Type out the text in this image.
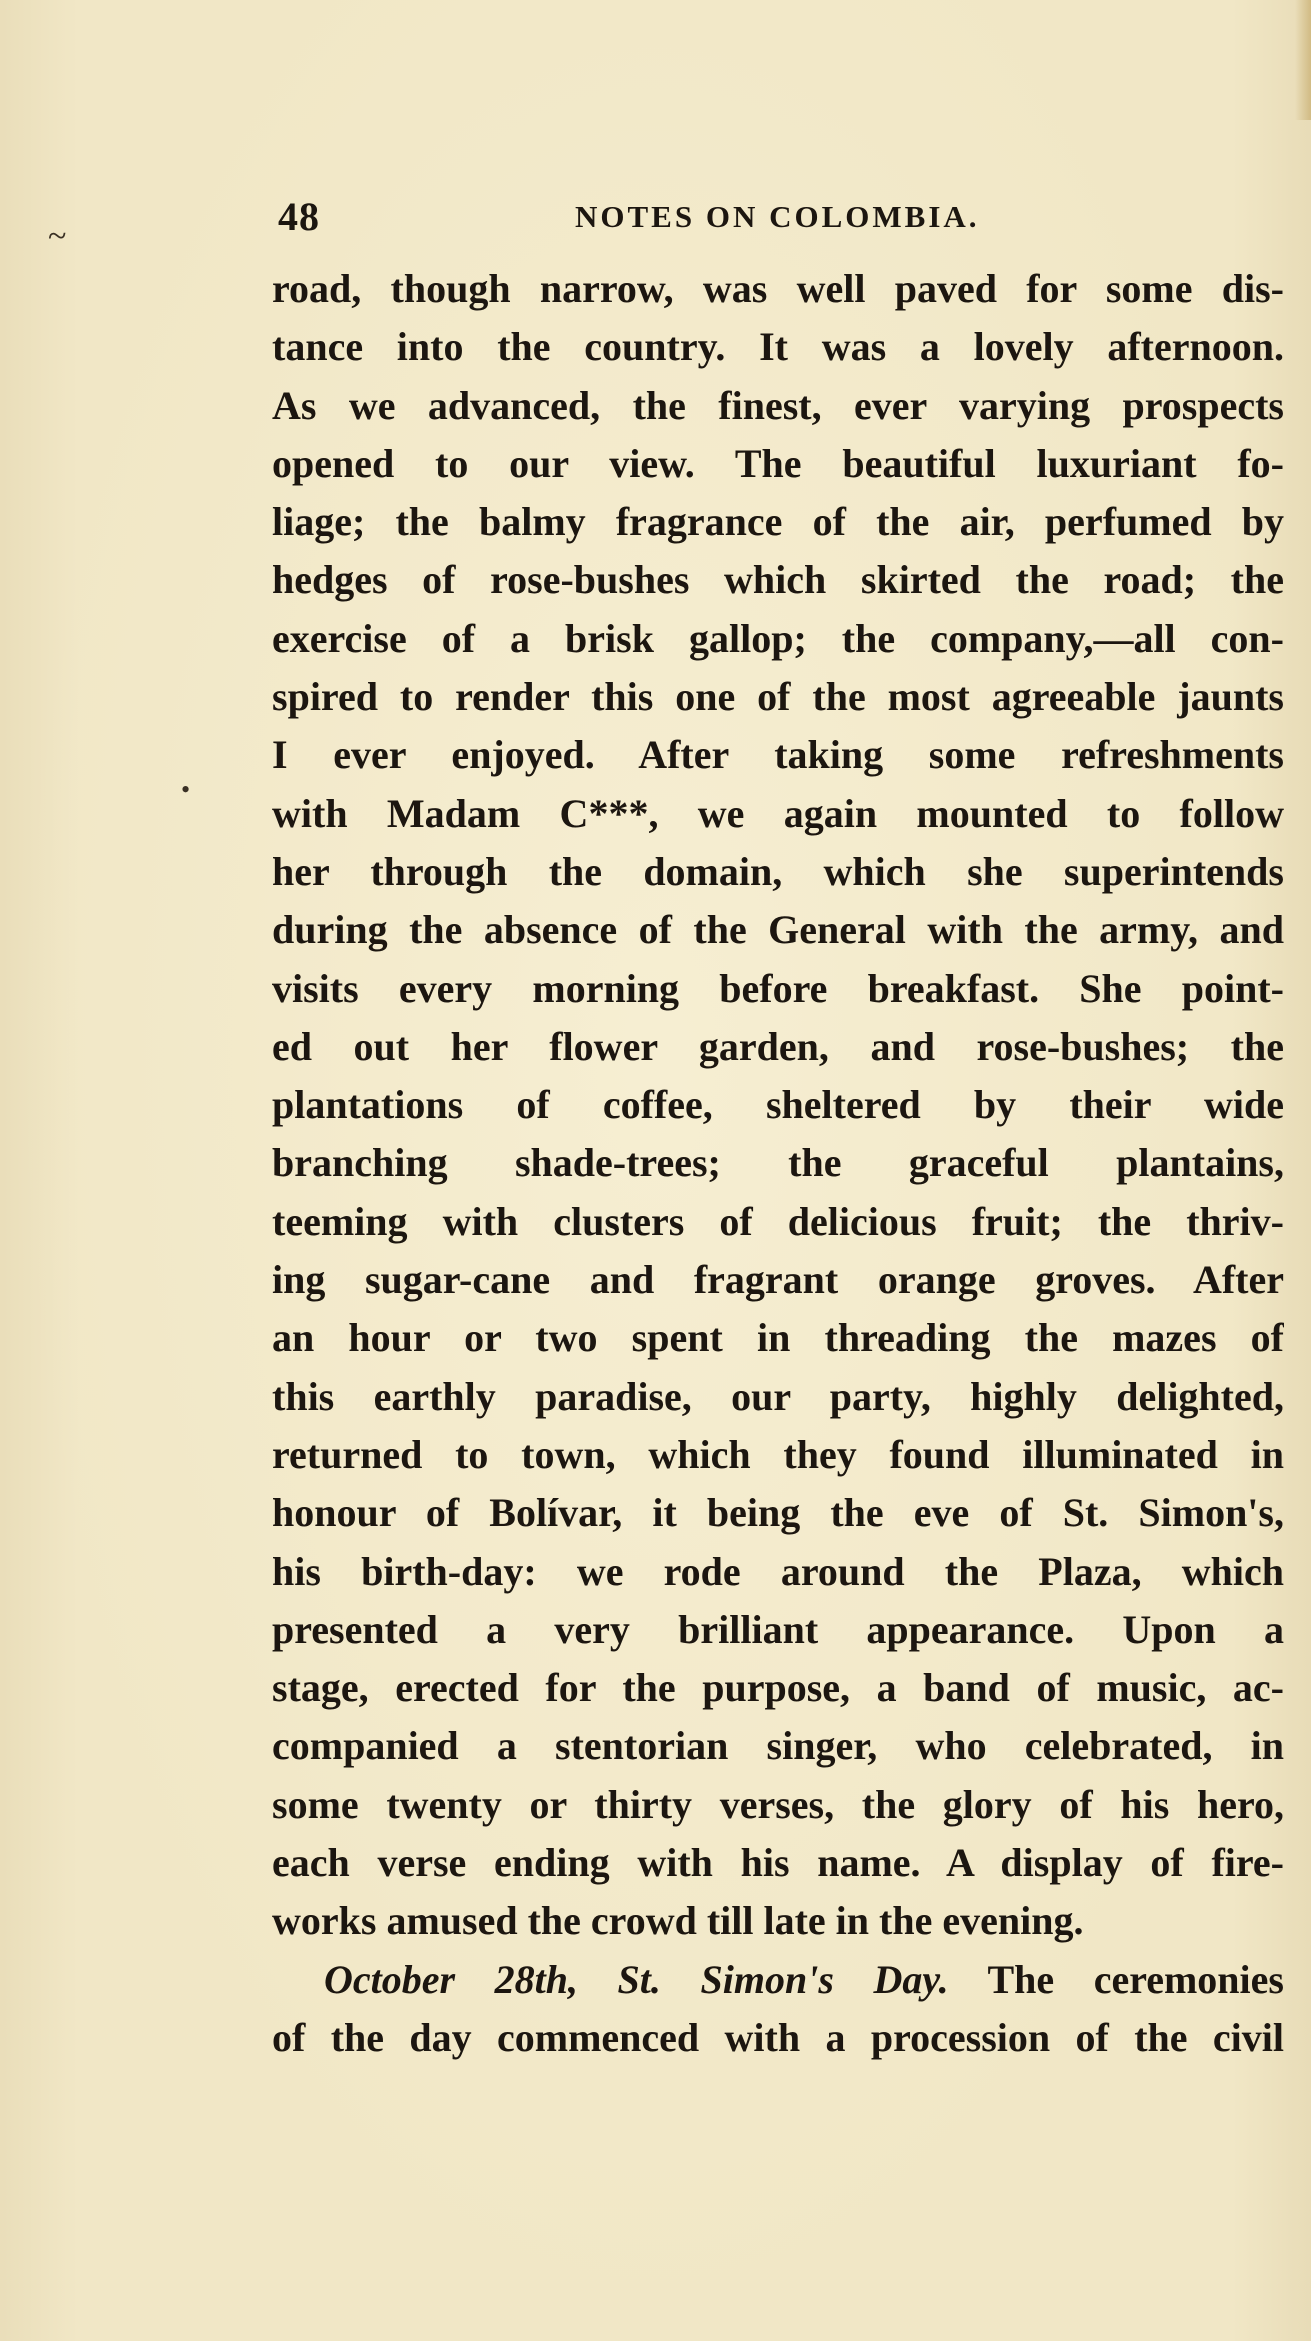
~
•
48	NOTES ON COLOMBIA.
road, though narrow, was well paved for some dis-
tance into the country. It was a lovely afternoon.
As we advanced, the finest, ever varying prospects
opened to our view. The beautiful luxuriant fo-
liage; the balmy fragrance of the air, perfumed by
hedges of rose-bushes which skirted the road; the
exercise of a brisk gallop; the company,—all con-
spired to render this one of the most agreeable jaunts
I ever enjoyed. After taking some refreshments
with Madam C***, we again mounted to follow
her through the domain, which she superintends
during the absence of the General with the army, and
visits every morning before breakfast. She point-
ed out her flower garden, and rose-bushes; the
plantations of coffee, sheltered by their wide
branching shade-trees; the graceful plantains,
teeming with clusters of delicious fruit; the thriv-
ing sugar-cane and fragrant orange groves. After
an hour or two spent in threading the mazes of
this earthly paradise, our party, highly delighted,
returned to town, which they found illuminated in
honour of Bolívar, it being the eve of St. Simon's,
his birth-day: we rode around the Plaza, which
presented a very brilliant appearance. Upon a
stage, erected for the purpose, a band of music, ac-
companied a stentorian singer, who celebrated, in
some twenty or thirty verses, the glory of his hero,
each verse ending with his name. A display of fire-
works amused the crowd till late in the evening.
October 28th, St. Simon's Day. The ceremonies
of the day commenced with a procession of the civil
